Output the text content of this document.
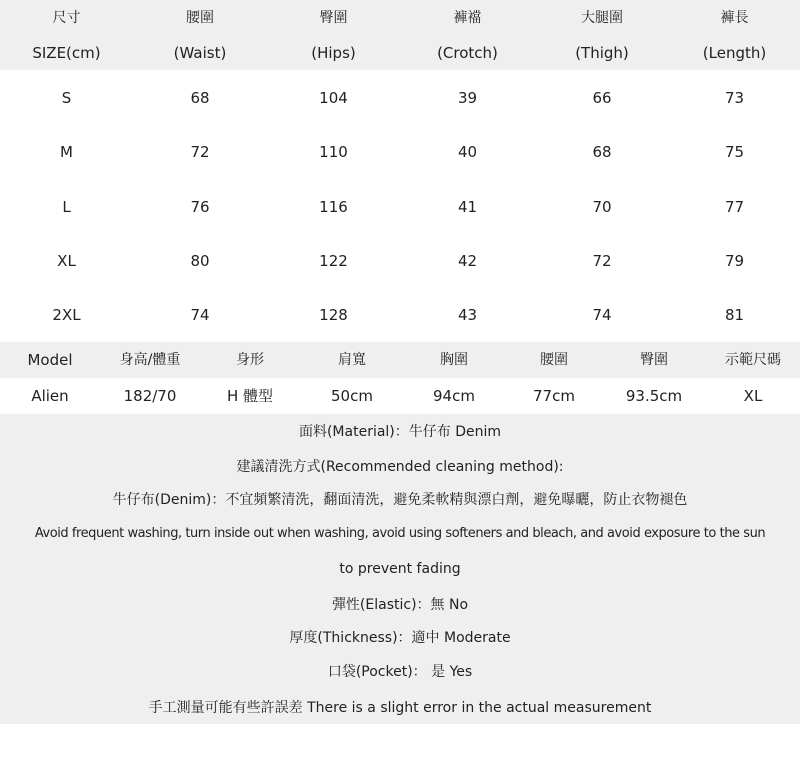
尺寸	腰圍	臀圍	褲襠	大腿圍	褲長
SIZE(cm)	(Waist)	(Hips)	(Crotch)	(Thigh)	(Length)
S	68	104	39	66	73
M	72	110	40	68	75
L	76	116	41	70	77
XL	80	122	42	72	79
2XL	74	128	43	74	81
Model	身高/體重	身形	肩寬	胸圍	腰圍	臀圍	示範尺碼
Alien	182/70	H 體型	50cm	94cm	77cm	93.5cm	XL
面料(Material)：牛仔布 Denim
建議清洗方式(Recommended cleaning method):
牛仔布(Denim)：不宜頻繁清洗，翻面清洗，避免柔軟精與漂白劑，避免曝曬，防止衣物褪色
Avoid frequent washing, turn inside out when washing, avoid using softeners and bleach, and avoid exposure to the sun
to prevent fading
彈性(Elastic)：無 No
厚度(Thickness)：適中 Moderate
口袋(Pocket)： 是 Yes
手工測量可能有些許誤差 There is a slight error in the actual measurement
